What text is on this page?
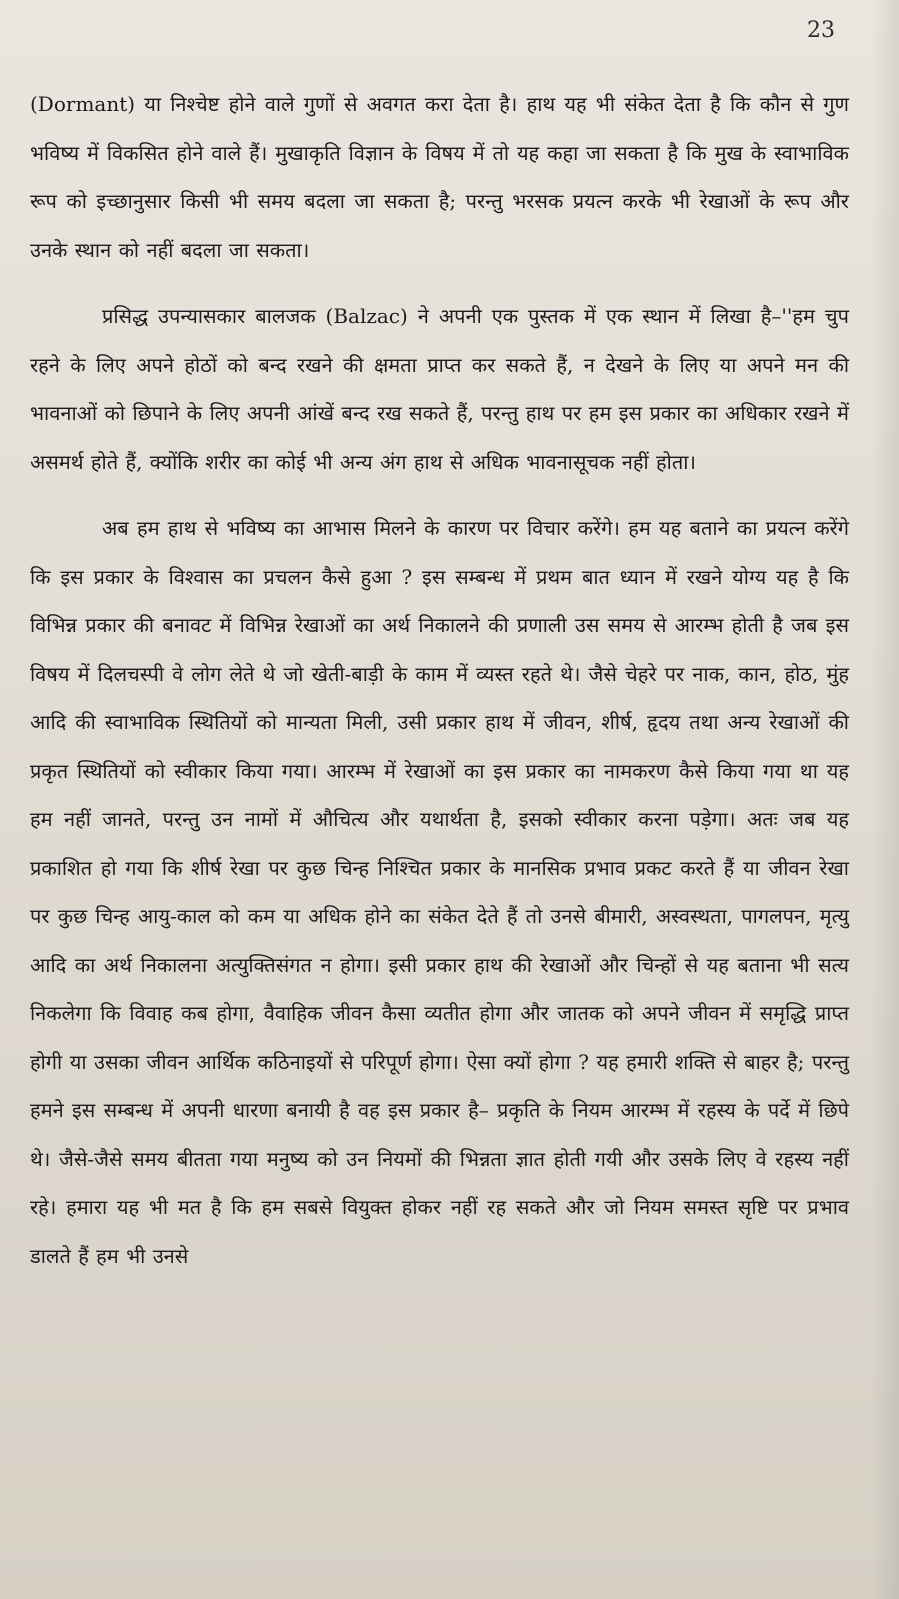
23

(Dormant) या निश्चेष्ट होने वाले गुणों से अवगत करा देता है। हाथ यह भी संकेत देता है कि कौन से गुण भविष्य में विकसित होने वाले हैं। मुखाकृति विज्ञान के विषय में तो यह कहा जा सकता है कि मुख के स्वाभाविक रूप को इच्छानुसार किसी भी समय बदला जा सकता है; परन्तु भरसक प्रयत्न करके भी रेखाओं के रूप और उनके स्थान को नहीं बदला जा सकता।

प्रसिद्ध उपन्यासकार बालजक (Balzac) ने अपनी एक पुस्तक में एक स्थान में लिखा है–''हम चुप रहने के लिए अपने होठों को बन्द रखने की क्षमता प्राप्त कर सकते हैं, न देखने के लिए या अपने मन की भावनाओं को छिपाने के लिए अपनी आंखें बन्द रख सकते हैं, परन्तु हाथ पर हम इस प्रकार का अधिकार रखने में असमर्थ होते हैं, क्योंकि शरीर का कोई भी अन्य अंग हाथ से अधिक भावनासूचक नहीं होता।

अब हम हाथ से भविष्य का आभास मिलने के कारण पर विचार करेंगे। हम यह बताने का प्रयत्न करेंगे कि इस प्रकार के विश्वास का प्रचलन कैसे हुआ ? इस सम्बन्ध में प्रथम बात ध्यान में रखने योग्य यह है कि विभिन्न प्रकार की बनावट में विभिन्न रेखाओं का अर्थ निकालने की प्रणाली उस समय से आरम्भ होती है जब इस विषय में दिलचस्पी वे लोग लेते थे जो खेती-बाड़ी के काम में व्यस्त रहते थे। जैसे चेहरे पर नाक, कान, होठ, मुंह आदि की स्वाभाविक स्थितियों को मान्यता मिली, उसी प्रकार हाथ में जीवन, शीर्ष, हृदय तथा अन्य रेखाओं की प्रकृत स्थितियों को स्वीकार किया गया। आरम्भ में रेखाओं का इस प्रकार का नामकरण कैसे किया गया था यह हम नहीं जानते, परन्तु उन नामों में औचित्य और यथार्थता है, इसको स्वीकार करना पड़ेगा। अतः जब यह प्रकाशित हो गया कि शीर्ष रेखा पर कुछ चिन्ह निश्चित प्रकार के मानसिक प्रभाव प्रकट करते हैं या जीवन रेखा पर कुछ चिन्ह आयु-काल को कम या अधिक होने का संकेत देते हैं तो उनसे बीमारी, अस्वस्थता, पागलपन, मृत्यु आदि का अर्थ निकालना अत्युक्तिसंगत न होगा। इसी प्रकार हाथ की रेखाओं और चिन्हों से यह बताना भी सत्य निकलेगा कि विवाह कब होगा, वैवाहिक जीवन कैसा व्यतीत होगा और जातक को अपने जीवन में समृद्धि प्राप्त होगी या उसका जीवन आर्थिक कठिनाइयों से परिपूर्ण होगा। ऐसा क्यों होगा ? यह हमारी शक्ति से बाहर है; परन्तु हमने इस सम्बन्ध में अपनी धारणा बनायी है वह इस प्रकार है– प्रकृति के नियम आरम्भ में रहस्य के पर्दे में छिपे थे। जैसे-जैसे समय बीतता गया मनुष्य को उन नियमों की भिन्नता ज्ञात होती गयी और उसके लिए वे रहस्य नहीं रहे। हमारा यह भी मत है कि हम सबसे वियुक्त होकर नहीं रह सकते और जो नियम समस्त सृष्टि पर प्रभाव डालते हैं हम भी उनसे
